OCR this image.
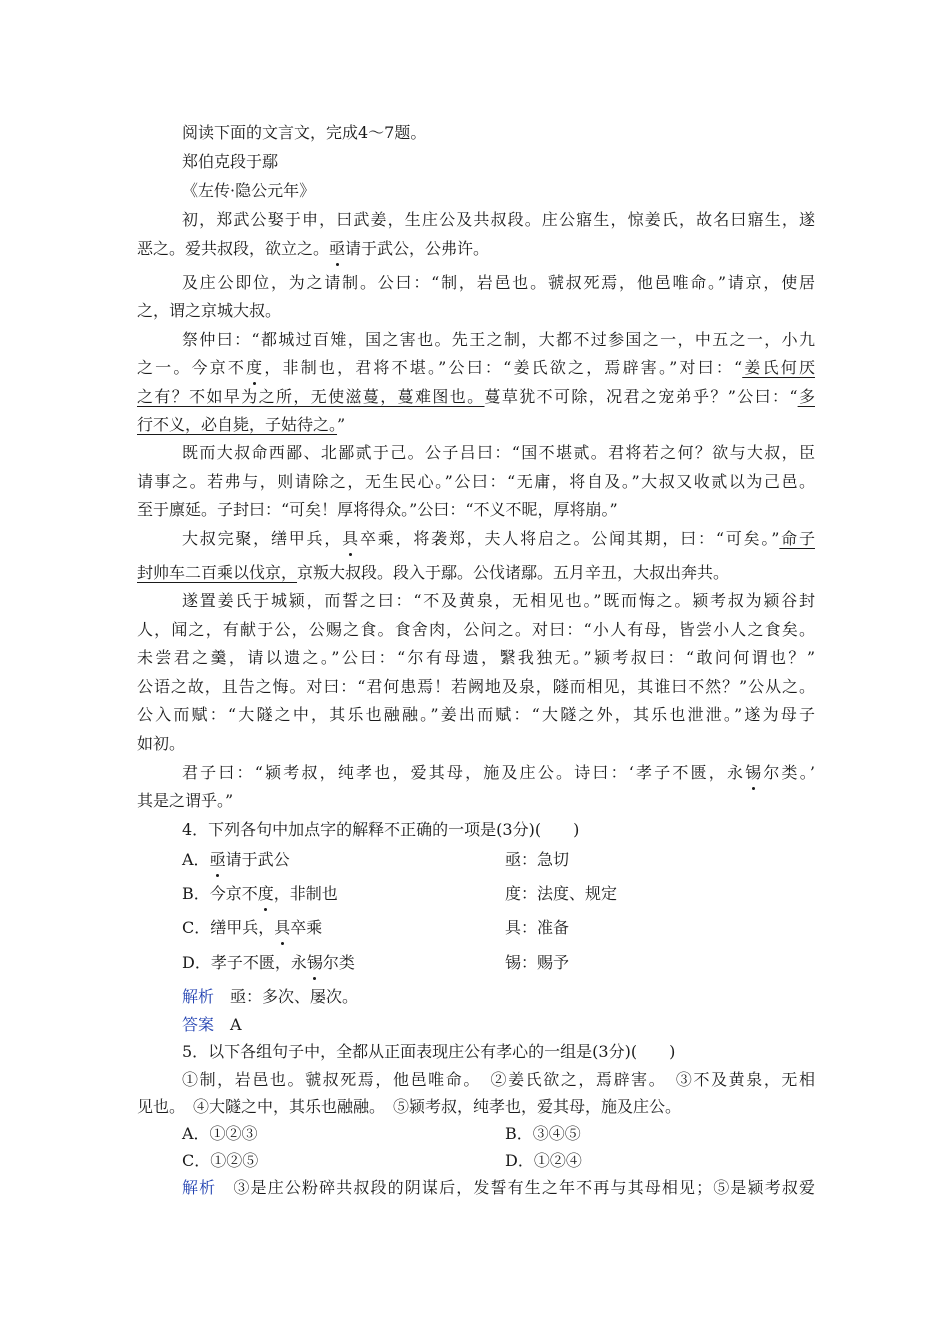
阅读下面的文言文，完成4～7题。
郑伯克段于鄢
《左传·隐公元年》
初，郑武公娶于申，曰武姜，生庄公及共叔段。庄公寤生，惊姜氏，故名曰寤生，遂
恶之。爱共叔段，欲立之。亟请于武公，公弗许。
及庄公即位，为之请制。公曰：“制，岩邑也。虢叔死焉，他邑唯命。”请京，使居
之，谓之京城大叔。
祭仲曰：“都城过百雉，国之害也。先王之制，大都不过参国之一，中五之一，小九
之一。今京不度，非制也，君将不堪。”公曰：“姜氏欲之，焉辟害。”对曰：“姜氏何厌
之有？不如早为之所，无使滋蔓，蔓难图也。蔓草犹不可除，况君之宠弟乎？”公曰：“多
行不义，必自毙，子姑待之。”
既而大叔命西鄙、北鄙贰于己。公子吕曰：“国不堪贰。君将若之何？欲与大叔，臣
请事之。若弗与，则请除之，无生民心。”公曰：“无庸，将自及。”大叔又收贰以为己邑。
至于廪延。子封曰：“可矣！厚将得众。”公曰：“不义不昵，厚将崩。”
大叔完聚，缮甲兵，具卒乘，将袭郑，夫人将启之。公闻其期，曰：“可矣。”命子
封帅车二百乘以伐京，京叛大叔段。段入于鄢。公伐诸鄢。五月辛丑，大叔出奔共。
遂置姜氏于城颍，而誓之曰：“不及黄泉，无相见也。”既而悔之。颍考叔为颍谷封
人，闻之，有献于公，公赐之食。食舍肉，公问之。对曰：“小人有母，皆尝小人之食矣。
未尝君之羹，请以遗之。”公曰：“尔有母遗，繄我独无。”颍考叔曰：“敢问何谓也？”
公语之故，且告之悔。对曰：“君何患焉！若阙地及泉，隧而相见，其谁曰不然？”公从之。
公入而赋：“大隧之中，其乐也融融。”姜出而赋：“大隧之外，其乐也泄泄。”遂为母子
如初。
君子曰：“颍考叔，纯孝也，爱其母，施及庄公。诗曰：‘孝子不匮，永锡尔类。’
其是之谓乎。”
4．下列各句中加点字的解释不正确的一项是(3分)(　　)
A．亟请于武公	亟：急切
B．今京不度，非制也	度：法度、规定
C．缮甲兵，具卒乘	具：准备
D．孝子不匮，永锡尔类	锡：赐予
解析　 亟：多次、屡次。
答案　 A
5．以下各组句子中，全都从正面表现庄公有孝心的一组是(3分)(　　)
①制，岩邑也。虢叔死焉，他邑唯命。　②姜氏欲之，焉辟害。　③不及黄泉，无相
见也。　④大隧之中，其乐也融融。　⑤颍考叔，纯孝也，爱其母，施及庄公。
A．①②③	B．③④⑤
C．①②⑤	D．①②④
解析　 ③是庄公粉碎共叔段的阴谋后，发誓有生之年不再与其母相见；⑤是颍考叔爱
